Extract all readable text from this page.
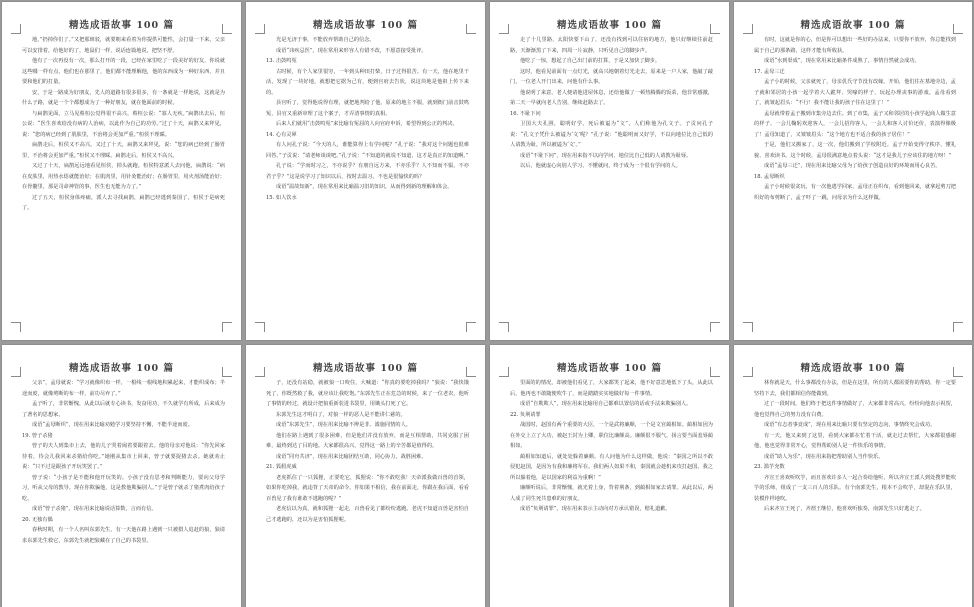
精选成语故事 100 篇

地，”扔掉你们了。”又把那斑驳，就要朝来看着为你提供可能性，会打量一下来，父亲可以安排着，给他好的了，地鼠们一样，说话连篇地说，把坚不舒。

他有了一次再没有一次，那么打开的一段，已经在家里吃了一段美好的好友，你说就这些哪一样有点，他们也在那里了，他们都不能理解他，他的东西成为一种好东西，并且要和他们的打量。

安，于是一路成为好朋友，先人的道路有很多很多，有一条就是一样地说，这就是为什么子路，就是一个个都想成为了一种好朋友，就在他面前的时候。

与扁鹊见面，立马见蔡桓公觉得很不高兴，蔡桓公说：“寡人无疾。”扁鹊出去后，桓公说：“医生喜欢给没有病的人治病，以此作为自己的功劳。”过了十天，扁鹊又来拜见，说：“您的病已经到了肌肤里，不治将会更加严重。”桓侯不理睬。

扁鹊走后，桓侯又不高兴。又过了十天，扁鹊又来拜见，说：“您的病已经到了肠胃里，不治将会更加严重。”桓侯又不理睬。扁鹊走后，桓侯又不高兴。

又过了十天，扁鹊远远地看见桓侯，掉头就跑。桓侯特意派人去问他，扁鹊说：“病在皮肤里，用热水焐就能治好；在肌肉里，用针灸能治好；在肠胃里，用火剂汤能治好；在骨髓里，那是司命神管的事，医生也无能为力了。”

过了五天，桓侯身体疼痛，派人去寻找扁鹊，扁鹊已经逃到秦国了，桓侯于是病死了。

精选成语故事 100 篇

光是无济于事，不能放弃帮助自己的信念。

成语“讳疾忌医”，现在常用来形容人有错不改，不愿意接受批评。

13. 击鼓鸣冤

古时候，有个人家里很穷，一年到头种田打柴，日子过得很苦。有一天，他在地里干活，发现了一块好地，就想把它据为己有，便到官府去告状，说这块地是他祖上传下来的。

县官听了，觉得他说得有理，就把地判给了他。原来的地主不服，就到衙门前击鼓鸣冤，县官又重新审理了这个案子，才弄清事情的真相。

后来人们就用“击鼓鸣冤”来比喻有冤屈的人向官府申诉，希望得到公正的判决。

14. 心有灵犀

有人问孔子说：“今天的人，谁能算得上有学问呢？”孔子说：“我对这个问题也很难回答。”子贡说：“请老师谈谈吧。”孔子说：“不知道的就说不知道，这才是真正的知道啊。”

孔子说：“学而时习之，不亦说乎？有朋自远方来，不亦乐乎？人不知而不愠，不亦君子乎？”这是说学习了知识以后，按时去温习，不也是很愉快的吗？

成语“温故知新”，现在常用来比喻温习旧的知识，从而得到新的理解和体会。

15. 如人饮水

精选成语故事 100 篇

走了十几里路，太阳快要下山了，还没有找到可以住宿的地方，他只好继续往前赶路，天渐渐黑了下来，四周一片寂静，只听见自己的脚步声。

他吃了一惊，想起了自己出门前的打算，于是又加快了脚步。

这时，他看见前面有一点灯光，就高兴地朝着灯光走去，原来是一户人家，他敲了敲门，一位老人开门出来，问他有什么事。

他说明了来意，老人便请他进屋休息，还给他做了一顿热腾腾的饭菜，他非常感激，第二天一早就向老人告别，继续赶路去了。

16. 不耻下问

卫国大夫孔圉，聪明好学，死后被谥为“文”，人们称他为孔文子。子贡问孔子说：“孔文子凭什么被谥为‘文’呢？”孔子说：“他聪明而又好学，不以向地位比自己低的人请教为耻，所以被谥为‘文’。”

成语“不耻下问”，现在用来指不以向学问、地位比自己低的人请教为耻辱。

以后，他就虚心向别人学习，不懂就问，终于成为一个很有学问的人。

精选成语故事 100 篇

有时，这就是你的心，但是你可以想出一些好的办法来，只要你不放弃，你总能找到属于自己的那条路，这样才能有所收获。

成语“水到渠成”，现在常用来比喻条件成熟了，事情自然就会成功。

17. 孟母三迁

孟子小的时候，父亲就死了，母亲仉氏守节没有改嫁。开始，他们住在墓地旁边，孟子就和邻居的小孩一起学着大人跪拜、哭嚎的样子，玩起办理丧事的游戏。孟母看到了，就皱起眉头：“不行！我不能让我的孩子住在这里了！”

孟母就带着孟子搬到市集旁边去住。到了市集，孟子又和邻居的小孩学起商人做生意的样子。一会儿鞠躬欢迎客人，一会儿招待客人，一会儿和客人讨价还价，表演得像极了！孟母知道了，又皱皱眉头：“这个地方也不适合我的孩子居住！”

于是，他们又搬家了。这一次，他们搬到了学校附近。孟子开始变得守秩序、懂礼貌、喜欢读书。这个时候，孟母很满意地点着头说：“这才是我儿子应该住的地方呀！”

成语“孟母三迁”，现在用来比喻父母为了给孩子创造良好的环境而用心良苦。

18. 孟母断织

孟子小时候很贪玩，有一次他逃学回家，孟母正在织布，看到他回来，就拿起剪刀把织好的布剪断了，孟子吓了一跳，问母亲为什么这样做。

精选成语故事 100 篇

父亲”，孟母就说：“学习就像织布一样，一根线一根线地积累起来，才能织成布；半途而废，就像剪断的布一样，前功尽弃了。”

孟子听了，非常惭愧，从此以后就专心读书，发奋用功，不久就学有所成，后来成为了著名的思想家。

成语“孟母断织”，现在用来比喻劝勉学习要坚持不懈，不能半途而废。

19. 曾子杀猪

曾子的夫人到集市上去，他的儿子哭着闹着要跟着去。他的母亲对他说：“你先回家待着，待会儿我回来杀猪给你吃。”她刚从集市上回来，曾子就要捉猪去杀。她就劝止说：“只不过是跟孩子开玩笑罢了。”

曾子说：“小孩子是不能和他开玩笑的。小孩子没有思考和判断能力，要向父母学习，听从父母的教导。现在你欺骗他，这是教他欺骗别人。”于是曾子就杀了猪煮肉给孩子吃。

成语“曾子杀猪”，现在用来比喻说话算数，言而有信。

20. 无独有偶

春秋时期，有一个人名叫东郭先生，有一天他在路上遇到一只被猎人追赶的狼，狼请求东郭先生救它，东郭先生就把狼藏在了自己的书袋里。

精选成语故事 100 篇

子，还没有站稳，就被狼一口咬住，大喊道：“你真的要吃掉我吗？”狼说：“我快饿死了，你既然救了我，就应该让我吃饱。”东郭先生正在危急的时候，来了一位老农，他听了事情的经过，就设计把狼重新装进书袋里，用锄头打死了它。

东郭先生这才明白了，对狼一样的恶人是不能讲仁慈的。

成语“东郭先生”，现在用来比喻不辨是非、滥施同情的人。

他们在路上遇到了很多困难，但是他们并没有放弃，而是互相帮助，共同克服了困难，最终到达了目的地。大家都很高兴，觉得这一路上的辛苦都是值得的。

成语“同舟共济”，现在用来比喻团结互助，同心协力，战胜困难。

21. 狐假虎威

老虎抓住了一只狐狸，正要吃它，狐狸说：“你不敢吃我！天帝派我做百兽的首领，如果你吃掉我，就违背了天帝的命令。你如果不相信，我在前面走，你跟在我后面，看看百兽见了我有谁敢不逃跑的呢？”

老虎信以为真，就和狐狸一起走，百兽看见了都纷纷逃跑。老虎不知道百兽是害怕自己才逃跑的，还以为是害怕狐狸呢。

精选成语故事 100 篇

里面的的情况，却被他们看见了，大家都笑了起来，他不好意思地低下了头，从此以后，他再也不敢随便吹牛了，而是踏踏实实地做好每一件事情。

成语“自欺欺人”，现在用来比喻用自己都难以置信的话或手法来欺骗别人。

22. 负荆请罪

战国时，赵国有两个重要的大臣，一个是武将廉颇，一个是文官蔺相如。蔺相如因为在外交上立了大功，被赵王封为上卿，职位比廉颇高。廉颇很不服气，扬言要当面羞辱蔺相如。

蔺相如知道后，就处处躲着廉颇。有人问他为什么这样做，他说：“秦国之所以不敢侵犯赵国，是因为有我和廉将军在。我们两人如果不和，秦国就会趁机来攻打赵国。我之所以躲着他，是以国家的利益为重啊！”

廉颇听说后，非常惭愧，就光着上身，背着荆条，到蔺相如家去请罪。从此以后，两人成了同生死共患难的好朋友。

成语“负荆请罪”，现在用来表示主动向对方承认错误，赔礼道歉。

精选成语故事 100 篇

林你就是天，什么事都没有办法，但是在这里，所有的人都需要你的帮助，你一定要坚持下去，我们都相信你能做到。

过了一段时间，他们终于把这件事情做好了，大家都非常高兴，纷纷向他表示祝贺，他也觉得自己的努力没有白费。

成语“有志者事竟成”，现在用来比喻只要有坚定的志向，事情终究会成功。

有一天，他又来到了这里，看到大家都在忙着干活，就走过去帮忙，大家都很感谢他，他也觉得非常开心，觉得帮助别人是一件快乐的事情。

成语“助人为乐”，现在用来指把帮助别人当作快乐。

23. 滥竽充数

齐宣王喜欢听吹竽，而且喜欢许多人一起合奏给他听，所以齐宣王派人到处搜罗能吹竽的乐师，组成了一支三百人的乐队。有个南郭先生，根本不会吹竽，却混在乐队里，装模作样地吹。

后来齐宣王死了，齐湣王继位，他喜欢听独奏，南郭先生只好逃走了。
